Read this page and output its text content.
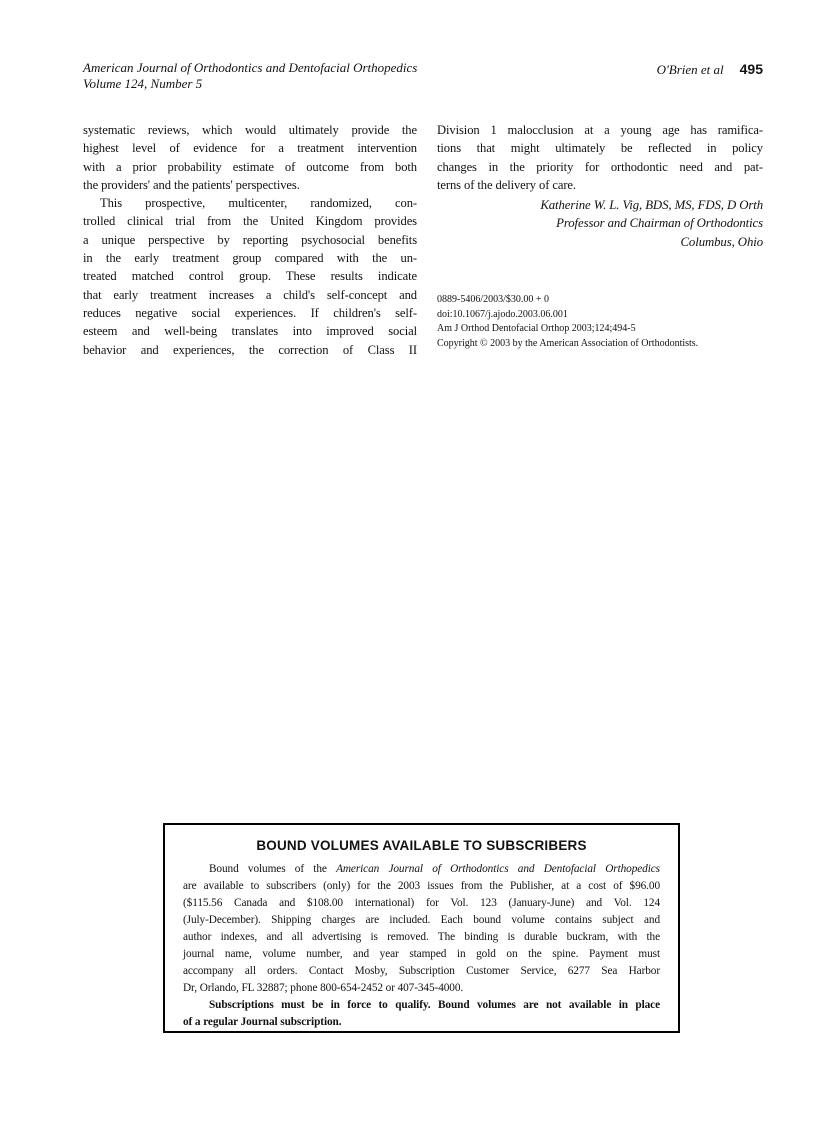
American Journal of Orthodontics and Dentofacial Orthopedics
Volume 124, Number 5
O'Brien et al 495
systematic reviews, which would ultimately provide the
highest level of evidence for a treatment intervention
with a prior probability estimate of outcome from both
the providers' and the patients' perspectives.
This prospective, multicenter, randomized, con-
trolled clinical trial from the United Kingdom provides
a unique perspective by reporting psychosocial benefits
in the early treatment group compared with the un-
treated matched control group. These results indicate
that early treatment increases a child's self-concept and
reduces negative social experiences. If children's self-
esteem and well-being translates into improved social
behavior and experiences, the correction of Class II
Division 1 malocclusion at a young age has ramifica-
tions that might ultimately be reflected in policy
changes in the priority for orthodontic need and pat-
terns of the delivery of care.
Katherine W. L. Vig, BDS, MS, FDS, D Orth
Professor and Chairman of Orthodontics
Columbus, Ohio
0889-5406/2003/$30.00 + 0
doi:10.1067/j.ajodo.2003.06.001
Am J Orthod Dentofacial Orthop 2003;124;494-5
Copyright © 2003 by the American Association of Orthodontists.
BOUND VOLUMES AVAILABLE TO SUBSCRIBERS
Bound volumes of the American Journal of Orthodontics and Dentofacial Orthopedics
are available to subscribers (only) for the 2003 issues from the Publisher, at a cost of $96.00
($115.56 Canada and $108.00 international) for Vol. 123 (January-June) and Vol. 124
(July-December). Shipping charges are included. Each bound volume contains subject and
author indexes, and all advertising is removed. The binding is durable buckram, with the
journal name, volume number, and year stamped in gold on the spine. Payment must
accompany all orders. Contact Mosby, Subscription Customer Service, 6277 Sea Harbor
Dr, Orlando, FL 32887; phone 800-654-2452 or 407-345-4000.
Subscriptions must be in force to qualify. Bound volumes are not available in place
of a regular Journal subscription.
